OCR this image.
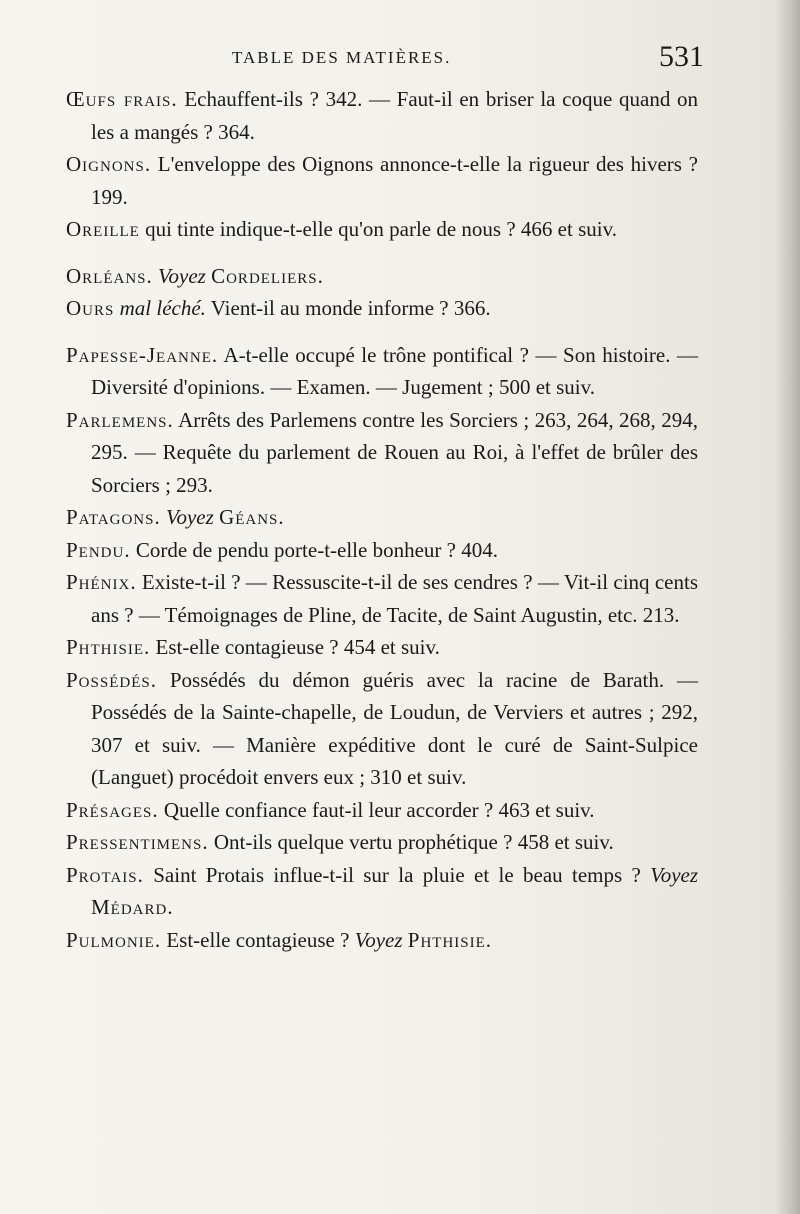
TABLE DES MATIÈRES.	531
Œufs frais. Echauffent-ils ? 342. — Faut-il en briser la coque quand on les a mangés ? 364.
Oignons. L'enveloppe des Oignons annonce-t-elle la rigueur des hivers ? 199.
Oreille qui tinte indique-t-elle qu'on parle de nous ? 466 et suiv.
Orléans. Voyez Cordeliers.
Ours mal léché. Vient-il au monde informe ? 366.
Papesse-Jeanne. A-t-elle occupé le trône pontifical ? — Son histoire. — Diversité d'opinions. — Examen. — Jugement ; 500 et suiv.
Parlemens. Arrêts des Parlemens contre les Sorciers ; 263, 264, 268, 294, 295. — Requête du parlement de Rouen au Roi, à l'effet de brûler des Sorciers ; 293.
Patagons. Voyez Géans.
Pendu. Corde de pendu porte-t-elle bonheur ? 404.
Phénix. Existe-t-il ? — Ressuscite-t-il de ses cendres ? — Vit-il cinq cents ans ? — Témoignages de Pline, de Tacite, de Saint Augustin, etc. 213.
Phthisie. Est-elle contagieuse ? 454 et suiv.
Possédés. Possédés du démon guéris avec la racine de Barath. — Possédés de la Sainte-chapelle, de Loudun, de Verviers et autres ; 292, 307 et suiv. — Manière expéditive dont le curé de Saint-Sulpice (Languet) procédoit envers eux ; 310 et suiv.
Présages. Quelle confiance faut-il leur accorder ? 463 et suiv.
Pressentimens. Ont-ils quelque vertu prophétique ? 458 et suiv.
Protais. Saint Protais influe-t-il sur la pluie et le beau temps ? Voyez Médard.
Pulmonie. Est-elle contagieuse ? Voyez Phthisie.
